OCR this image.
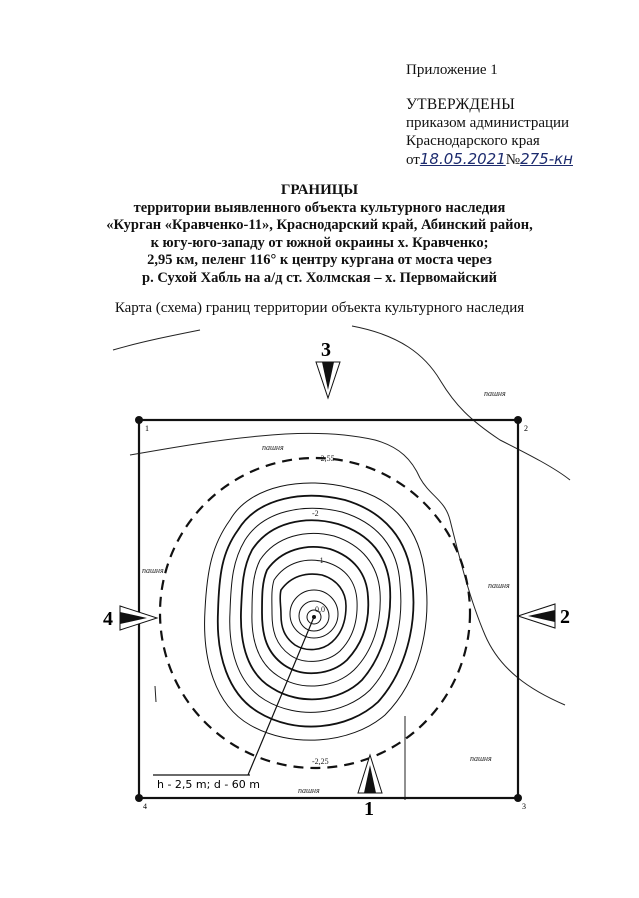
Приложение 1
УТВЕРЖДЕНЫ
приказом администрации
Краснодарского края
от18.05.2021№275-кн
ГРАНИЦЫ
территории выявленного объекта культурного наследия
«Курган «Кравченко-11», Краснодарский край, Абинский район,
к югу-юго-западу от южной окраины х. Кравченко;
2,95 км, пеленг 116° к центру кургана от моста через
р. Сухой Хабль на а/д ст. Холмская – х. Первомайский
Карта (схема) границ территории объекта культурного наследия
1	2
3
4
3
2
4
1
пашня
пашня
пашня
пашня
пашня
пашня
-2,55
-2
-1
0,0
-2,25
h - 2,5 m; d - 60 m
